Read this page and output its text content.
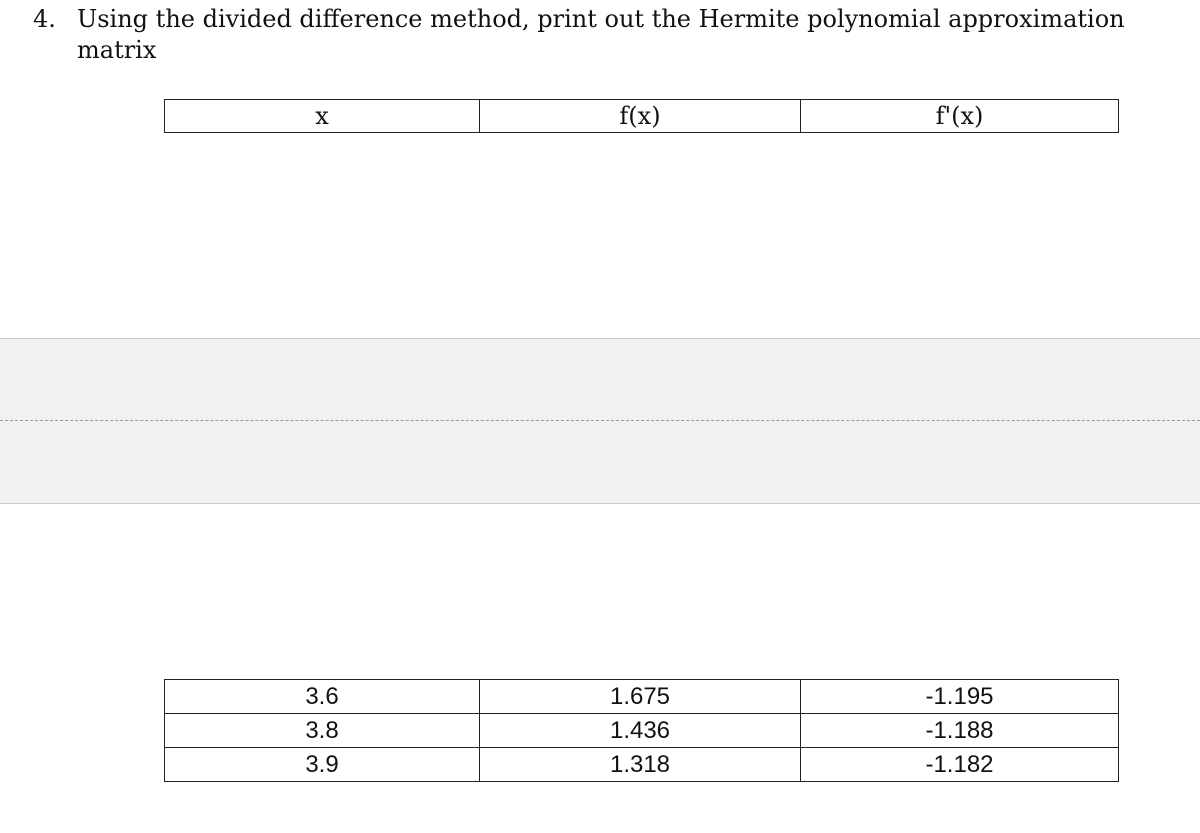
4. Using the divided difference method, print out the Hermite polynomial approximation matrix
x	f(x)	f'(x)
3.6	1.675	-1.195
3.8	1.436	-1.188
3.9	1.318	-1.182
